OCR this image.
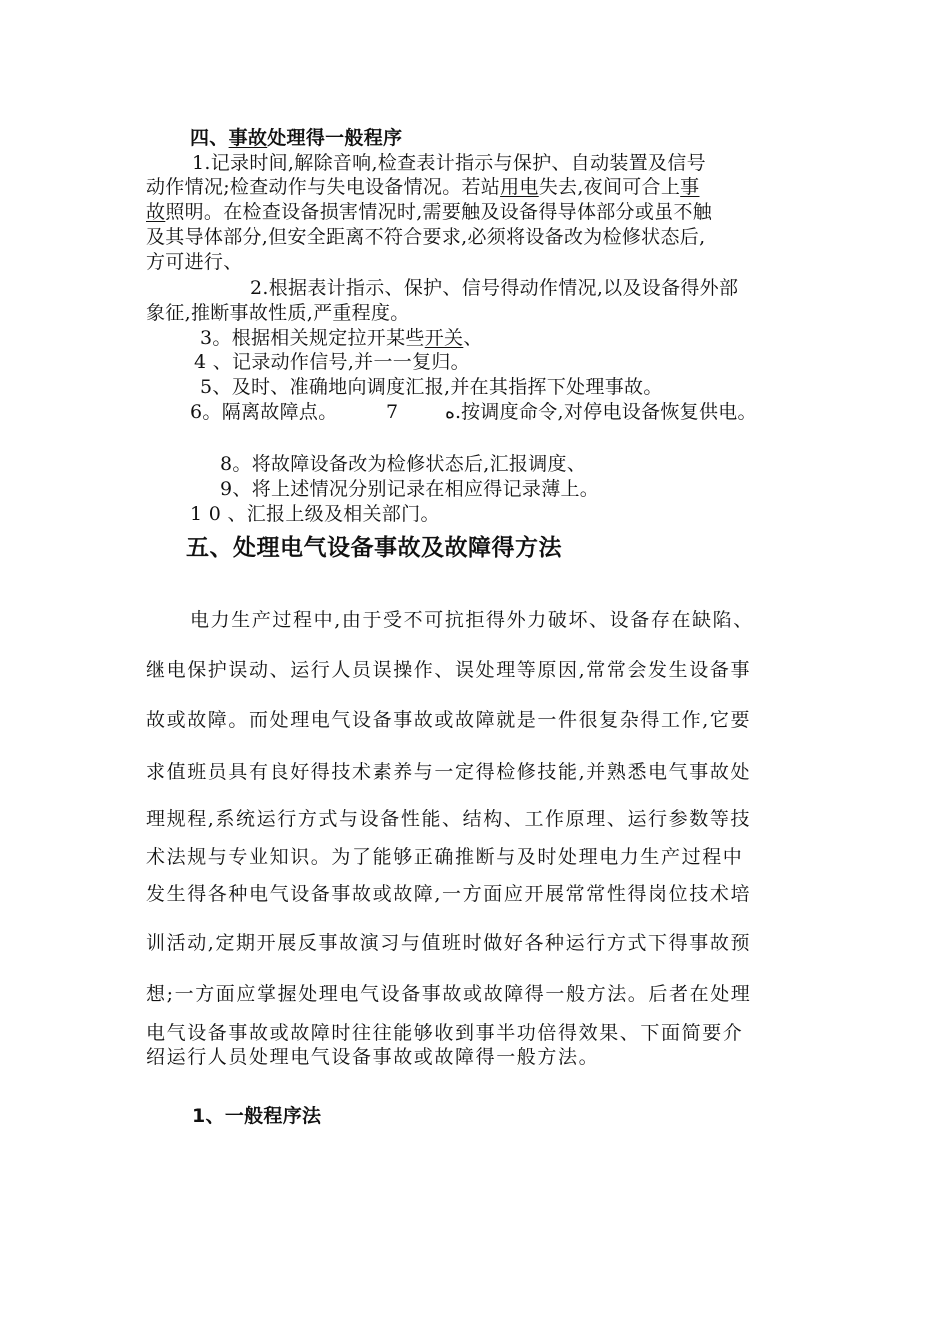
四、事故处理得一般程序
1.记录时间,解除音响,检查表计指示与保护、自动装置及信号
动作情况;检查动作与失电设备情况。若站用电失去,夜间可合上事
故照明。在检查设备损害情况时,需要触及设备得导体部分或虽不触
及其导体部分,但安全距离不符合要求,必须将设备改为检修状态后,
方可进行、
2.根据表计指示、保护、信号得动作情况,以及设备得外部
象征,推断事故性质,严重程度。
3。根据相关规定拉开某些开关、
4 、记录动作信号,并一一复归。
5、及时、准确地向调度汇报,并在其指挥下处理事故。
6。隔离故障点。	7 ﻩ.按调度命令,对停电设备恢复供电。
8。将故障设备改为检修状态后,汇报调度、
9、将上述情况分别记录在相应得记录薄上。
1 0 、汇报上级及相关部门。
五、处理电气设备事故及故障得方法
电力生产过程中,由于受不可抗拒得外力破坏、设备存在缺陷、
继电保护误动、运行人员误操作、误处理等原因,常常会发生设备事
故或故障。而处理电气设备事故或故障就是一件很复杂得工作,它要
求值班员具有良好得技术素养与一定得检修技能,并熟悉电气事故处
理规程,系统运行方式与设备性能、结构、工作原理、运行参数等技
术法规与专业知识。为了能够正确推断与及时处理电力生产过程中
发生得各种电气设备事故或故障,一方面应开展常常性得岗位技术培
训活动,定期开展反事故演习与值班时做好各种运行方式下得事故预
想;一方面应掌握处理电气设备事故或故障得一般方法。后者在处理
电气设备事故或故障时往往能够收到事半功倍得效果、下面简要介
绍运行人员处理电气设备事故或故障得一般方法。
1、一般程序法
